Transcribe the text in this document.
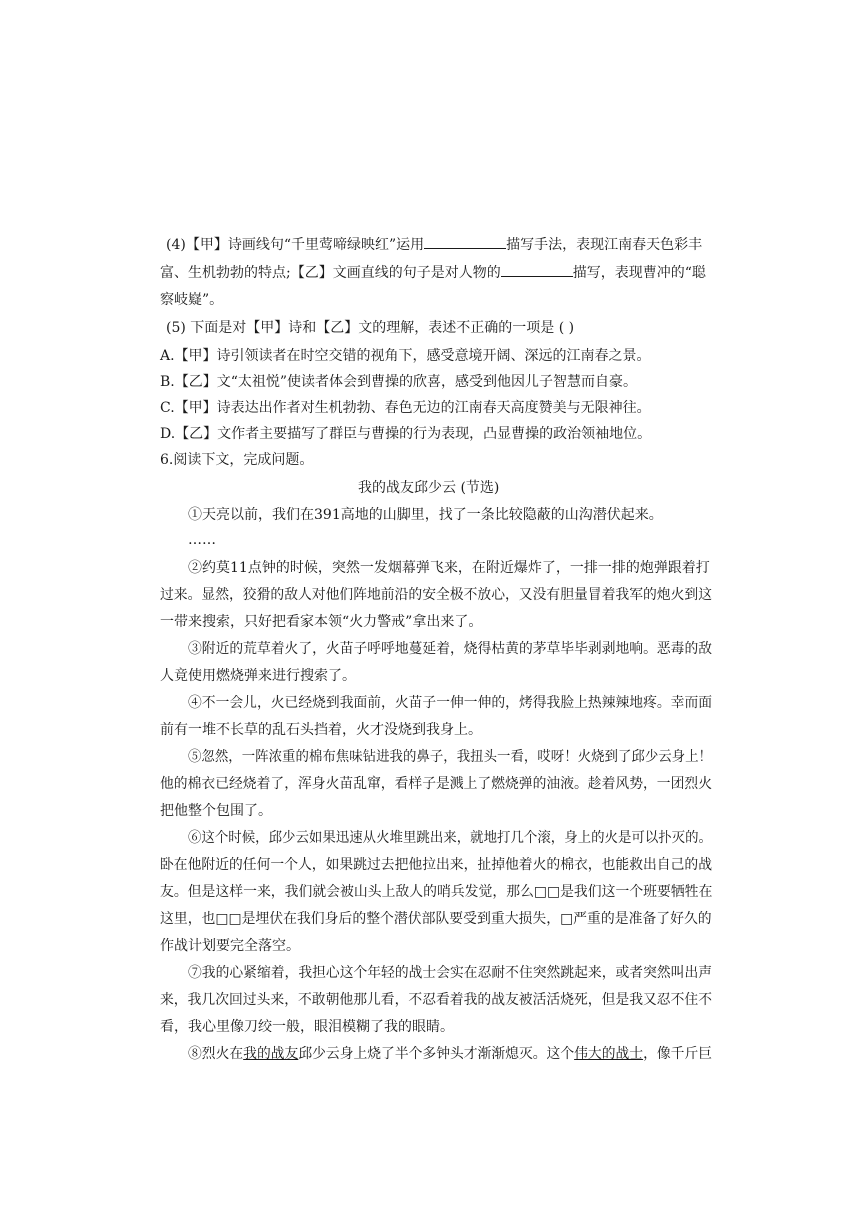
(4)【甲】诗画线句“千里莺啼绿映红”运用	描写手法，表现江南春天色彩丰
富、生机勃勃的特点;【乙】文画直线的句子是对人物的	描写，表现曹冲的“聪
察岐嶷”。
(5) 下面是对【甲】诗和【乙】文的理解，表述不正确的一项是 ( )
A.【甲】诗引领读者在时空交错的视角下，感受意境开阔、深远的江南春之景。
B.【乙】文“太祖悦”使读者体会到曹操的欣喜，感受到他因儿子智慧而自豪。
C.【甲】诗表达出作者对生机勃勃、春色无边的江南春天高度赞美与无限神往。
D.【乙】文作者主要描写了群臣与曹操的行为表现，凸显曹操的政治领袖地位。
6.阅读下文，完成问题。
我的战友邱少云 (节选)
①天亮以前，我们在391高地的山脚里，找了一条比较隐蔽的山沟潜伏起来。
……
②约莫11点钟的时候，突然一发烟幕弹飞来，在附近爆炸了，一排一排的炮弹跟着打
过来。显然，狡猾的敌人对他们阵地前沿的安全极不放心，又没有胆量冒着我军的炮火到这
一带来搜索，只好把看家本领“火力警戒”拿出来了。
③附近的荒草着火了，火苗子呼呼地蔓延着，烧得枯黄的茅草毕毕剥剥地响。恶毒的敌
人竟使用燃烧弹来进行搜索了。
④不一会儿，火已经烧到我面前，火苗子一伸一伸的，烤得我脸上热辣辣地疼。幸而面
前有一堆不长草的乱石头挡着，火才没烧到我身上。
⑤忽然，一阵浓重的棉布焦味钻进我的鼻子，我扭头一看，哎呀！火烧到了邱少云身上！
他的棉衣已经烧着了，浑身火苗乱窜，看样子是溅上了燃烧弹的油液。趁着风势，一团烈火
把他整个包围了。
⑥这个时候，邱少云如果迅速从火堆里跳出来，就地打几个滚，身上的火是可以扑灭的。
卧在他附近的任何一个人，如果跳过去把他拉出来，扯掉他着火的棉衣，也能救出自己的战
友。但是这样一来，我们就会被山头上敌人的哨兵发觉，那么□□是我们这一个班要牺牲在
这里，也□□是埋伏在我们身后的整个潜伏部队要受到重大损失，□严重的是准备了好久的
作战计划要完全落空。
⑦我的心紧缩着，我担心这个年轻的战士会实在忍耐不住突然跳起来，或者突然叫出声
来，我几次回过头来，不敢朝他那儿看，不忍看着我的战友被活活烧死，但是我又忍不住不
看，我心里像刀绞一般，眼泪模糊了我的眼睛。
⑧烈火在我的战友邱少云身上烧了半个多钟头才渐渐熄灭。这个伟大的战士，像千斤巨
